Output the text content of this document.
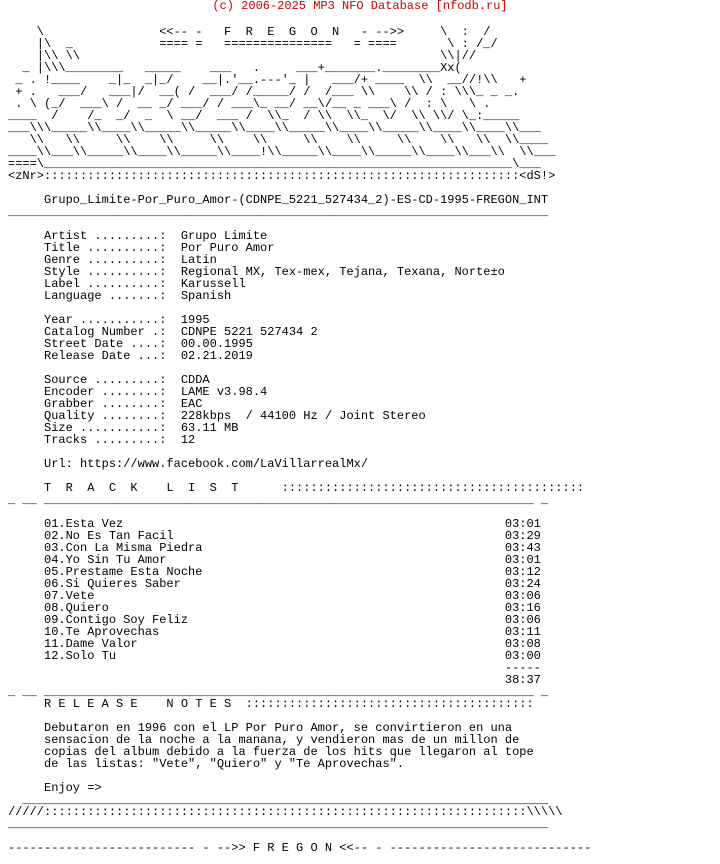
(c) 2006-2025 MP3 NFO Database [nfodb.ru]

\                <<-- -   F  R  E  G  O  N   - -->>     \  :  /
|\  _            ==== =   ===============   = ====       \ : /_/
|\\ \\                                                  \\|//
_ |\\\________   _____    ___   .     ___+_______.________Xx(
_ . !____    _|_  _|_/    __|.'__.---'_ |   ___/+ ____  \\  __//!\\   +
+ .   ___/   ___|/  __( /  ___/ /_____/ /  /___ \\    \\ / : \\\_ _ _.
. \ (_/  ___\ /  __ _/ ___/ / ___\_ __/ __\/__ _ ___\ /  : \   \ .
____  /    /_  _/  _  \ __/  ___ /  \\_  / \\  \\_  \/  \\ \\/ \_:_____
___\\\_____\\____\\_____\\_____\\____\\_____\\____\\_____\\____\\____\\___
\\   \\     \\    \\     \\    \\     \\    \\     \\    \\   \\  \\____
____\\___\\_____\\____\\_____\\____!\\_____\\____\\_____\\____\\___\\  \\___
====\_________________________________________________________________\___
<zNr>::::::::::::::::::::::::::::::::::::::::::::::::::::::::::::::::::<dS!>

Grupo_Limite-Por_Puro_Amor-(CDNPE_5221_527434_2)-ES-CD-1995-FREGON_INT
___________________________________________________________________________

Artist .........:  Grupo Limite
Title ..........:  Por Puro Amor
Genre ..........:  Latin
Style ..........:  Regional MX, Tex-mex, Tejana, Texana, Norte±o
Label ..........:  Karussell
Language .......:  Spanish

Year ...........:  1995
Catalog Number .:  CDNPE 5221 527434 2
Street Date ....:  00.00.1995
Release Date ...:  02.21.2019

Source .........:  CDDA
Encoder ........:  LAME v3.98.4
Grabber ........:  EAC
Quality ........:  228kbps  / 44100 Hz / Joint Stereo
Size ...........:  63.11 MB
Tracks .........:  12

Url: https://www.facebook.com/LaVillarrealMx/

T  R  A  C  K    L  I  S  T      ::::::::::::::::::::::::::::::::::::::::::
_ __ ____________________________________________________________________ _

01.Esta Vez                                                     03:01
02.No Es Tan Facil                                              03:29
03.Con La Misma Piedra                                          03:43
04.Yo Sin Tu Amor                                               03:01
05.Prestame Esta Noche                                          03:12
06.Si Quieres Saber                                             03:24
07.Vete                                                         03:06
08.Quiero                                                       03:16
09.Contigo Soy Feliz                                            03:06
10.Te Aprovechas                                                03:11
11.Dame Valor                                                   03:08
12.Solo Tu                                                      03:00
-----
38:37
_ __ ____________________________________________________________________ _
R E L E A S E    N O T E S  ::::::::::::::::::::::::::::::::::::::::

Debutaron en 1996 con el LP Por Puro Amor, se convirtieron en una
sensacion de la noche a la manana, y vendieron mas de un millon de
copias del album debido a la fuerza de los hits que llegaron al tope
de las listas: "Vete", "Quiero" y "Te Aprovechas".

Enjoy =>
_________________________________________________________________________
/////:::::::::::::::::::::::::::::::::::::::::::::::::::::::::::::::::::\\\\\
___________________________________________________________________________

-------------------------- - -->> F R E G O N <<-- - ----------------------------
